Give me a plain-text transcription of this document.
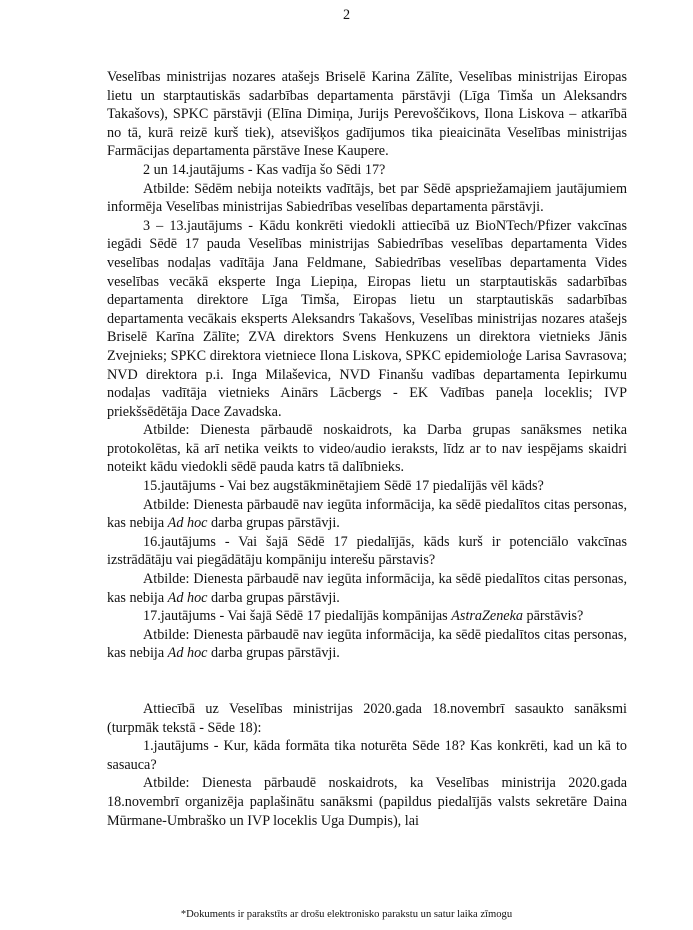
2

Veselības ministrijas nozares atašejs Briselē Karina Zālīte, Veselības ministrijas Eiropas lietu un starptautiskās sadarbības departamenta pārstāvji (Līga Timša un Aleksandrs Takašovs), SPKC pārstāvji (Elīna Dimiņa, Jurijs Perevoščikovs, Ilona Liskova – atkarībā no tā, kurā reizē kurš tiek), atsevišķos gadījumos tika pieaicināta Veselības ministrijas Farmācijas departamenta pārstāve Inese Kaupere.

2 un 14.jautājums - Kas vadīja šo Sēdi 17?

Atbilde: Sēdēm nebija noteikts vadītājs, bet par Sēdē apspriežamajiem jautājumiem informēja Veselības ministrijas Sabiedrības veselības departamenta pārstāvji.

3 – 13.jautājums - Kādu konkrēti viedokli attiecībā uz BioNTech/Pfizer vakcīnas iegādi Sēdē 17 pauda Veselības ministrijas Sabiedrības veselības departamenta Vides veselības nodaļas vadītāja Jana Feldmane, Sabiedrības veselības departamenta Vides veselības vecākā eksperte Inga Liepiņa, Eiropas lietu un starptautiskās sadarbības departamenta direktore Līga Timša, Eiropas lietu un starptautiskās sadarbības departamenta vecākais eksperts Aleksandrs Takašovs, Veselības ministrijas nozares atašejs Briselē Karīna Zālīte; ZVA direktors Svens Henkuzens un direktora vietnieks Jānis Zvejnieks; SPKC direktora vietniece Ilona Liskova, SPKC epidemioloģe Larisa Savrasova; NVD direktora p.i. Inga Milaševica, NVD Finanšu vadības departamenta Iepirkumu nodaļas vadītāja vietnieks Ainārs Lācbergs - EK Vadības paneļa loceklis; IVP priekšsēdētāja Dace Zavadska.

Atbilde: Dienesta pārbaudē noskaidrots, ka Darba grupas sanāksmes netika protokolētas, kā arī netika veikts to video/audio ieraksts, līdz ar to nav iespējams skaidri noteikt kādu viedokli sēdē pauda katrs tā dalībnieks.

15.jautājums - Vai bez augstākminētajiem Sēdē 17 piedalījās vēl kāds?

Atbilde: Dienesta pārbaudē nav iegūta informācija, ka sēdē piedalītos citas personas, kas nebija Ad hoc darba grupas pārstāvji.

16.jautājums - Vai šajā Sēdē 17 piedalījās, kāds kurš ir potenciālo vakcīnas izstrādātāju vai piegādātāju kompāniju interešu pārstavis?

Atbilde: Dienesta pārbaudē nav iegūta informācija, ka sēdē piedalītos citas personas, kas nebija Ad hoc darba grupas pārstāvji.

17.jautājums - Vai šajā Sēdē 17 piedalījās kompānijas AstraZeneka pārstāvis?

Atbilde: Dienesta pārbaudē nav iegūta informācija, ka sēdē piedalītos citas personas, kas nebija Ad hoc darba grupas pārstāvji.

Attiecībā uz Veselības ministrijas 2020.gada 18.novembrī sasaukto sanāksmi (turpmāk tekstā - Sēde 18):

1.jautājums - Kur, kāda formāta tika noturēta Sēde 18? Kas konkrēti, kad un kā to sasauca?

Atbilde: Dienesta pārbaudē noskaidrots, ka Veselības ministrija 2020.gada 18.novembrī organizēja paplašinātu sanāksmi (papildus piedalījās valsts sekretāre Daina Mūrmane-Umbraško un IVP loceklis Uga Dumpis), lai

*Dokuments ir parakstīts ar drošu elektronisko parakstu un satur laika zīmogu
